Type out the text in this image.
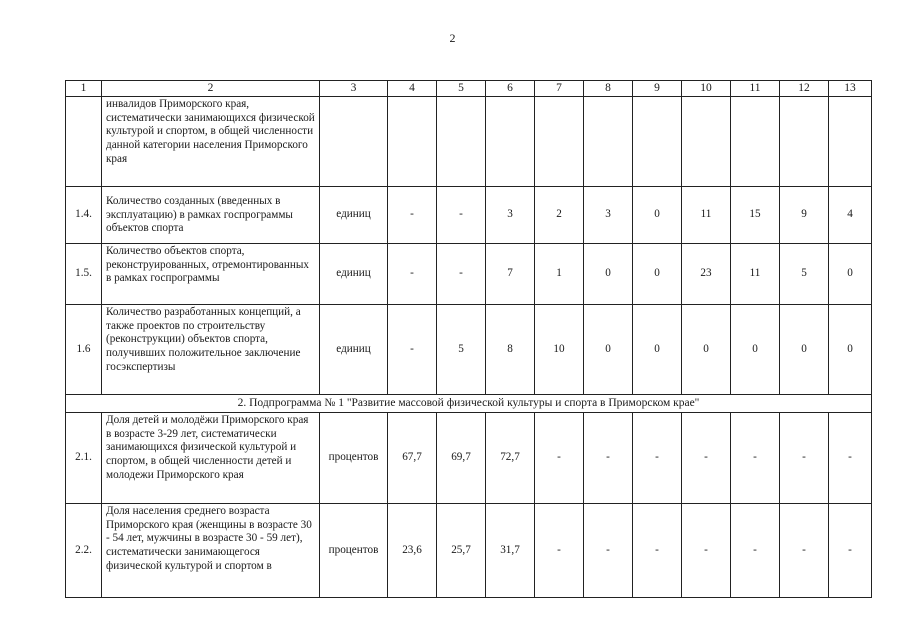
2
1	2	3	4	5	6	7	8	9	10	11	12	13
	инвалидов Приморского края, систематически занимающихся физической культурой и спортом, в общей численности данной категории населения Приморского края											
1.4.	Количество созданных (введенных в эксплуатацию) в рамках госпрограммы объектов спорта	единиц	-	-	3	2	3	0	11	15	9	4
1.5.	Количество объектов спорта, реконструированных, отремонтированных в рамках госпрограммы	единиц	-	-	7	1	0	0	23	11	5	0
1.6	Количество разработанных концепций, а также проектов по строительству (реконструкции) объектов спорта, получивших положительное заключение госэкспертизы	единиц	-	5	8	10	0	0	0	0	0	0
2. Подпрограмма № 1 "Развитие массовой физической культуры и спорта в Приморском крае"												
2.1.	Доля детей и молодёжи Приморского края в возрасте 3-29 лет, систематически занимающихся физической культурой и спортом, в общей численности детей и молодежи Приморского края	процентов	67,7	69,7	72,7	-	-	-	-	-	-	-
2.2.	Доля населения среднего возраста Приморского края (женщины в возрасте 30 - 54 лет, мужчины в возрасте 30 - 59 лет), систематически занимающегося физической культурой и спортом в	процентов	23,6	25,7	31,7	-	-	-	-	-	-	-
